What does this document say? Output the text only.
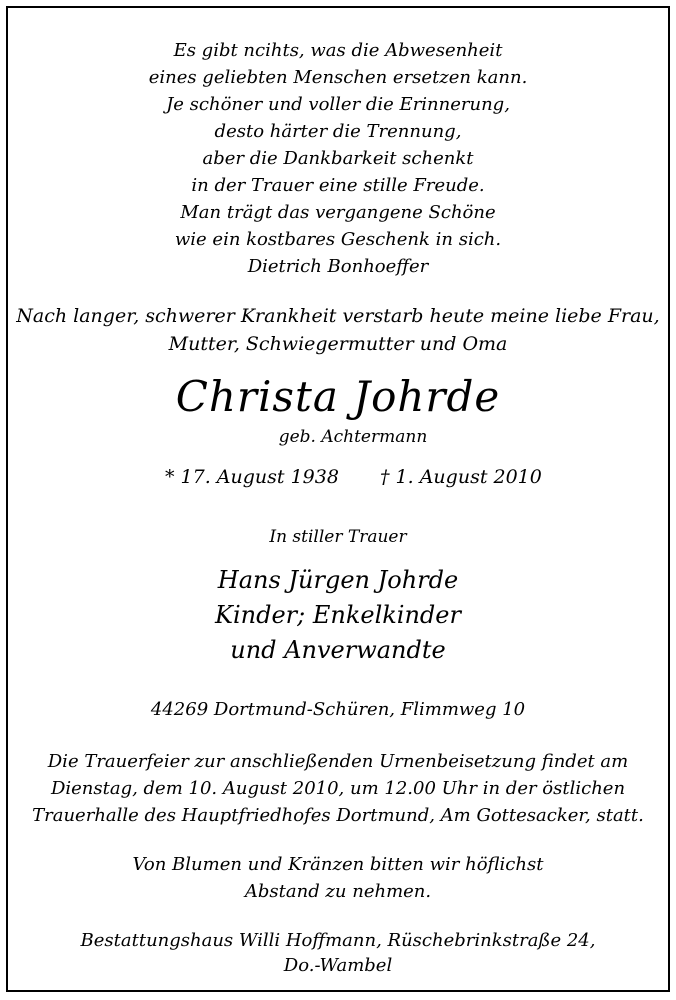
Es gibt ncihts, was die Abwesenheit
eines geliebten Menschen ersetzen kann.
Je schöner und voller die Erinnerung,
desto härter die Trennung,
aber die Dankbarkeit schenkt
in der Trauer eine stille Freude.
Man trägt das vergangene Schöne
wie ein kostbares Geschenk in sich.
Dietrich Bonhoeffer
Nach langer, schwerer Krankheit verstarb heute meine liebe Frau,
Mutter, Schwiegermutter und Oma
Christa Johrde
geb. Achtermann
* 17. August 1938 † 1. August 2010
In stiller Trauer
Hans Jürgen Johrde
Kinder; Enkelkinder
und Anverwandte
44269 Dortmund-Schüren, Flimmweg 10
Die Trauerfeier zur anschließenden Urnenbeisetzung findet am
Dienstag, dem 10. August 2010, um 12.00 Uhr in der östlichen
Trauerhalle des Hauptfriedhofes Dortmund, Am Gottesacker, statt.
Von Blumen und Kränzen bitten wir höflichst
Abstand zu nehmen.
Bestattungshaus Willi Hoffmann, Rüschebrinkstraße 24,
Do.-Wambel
